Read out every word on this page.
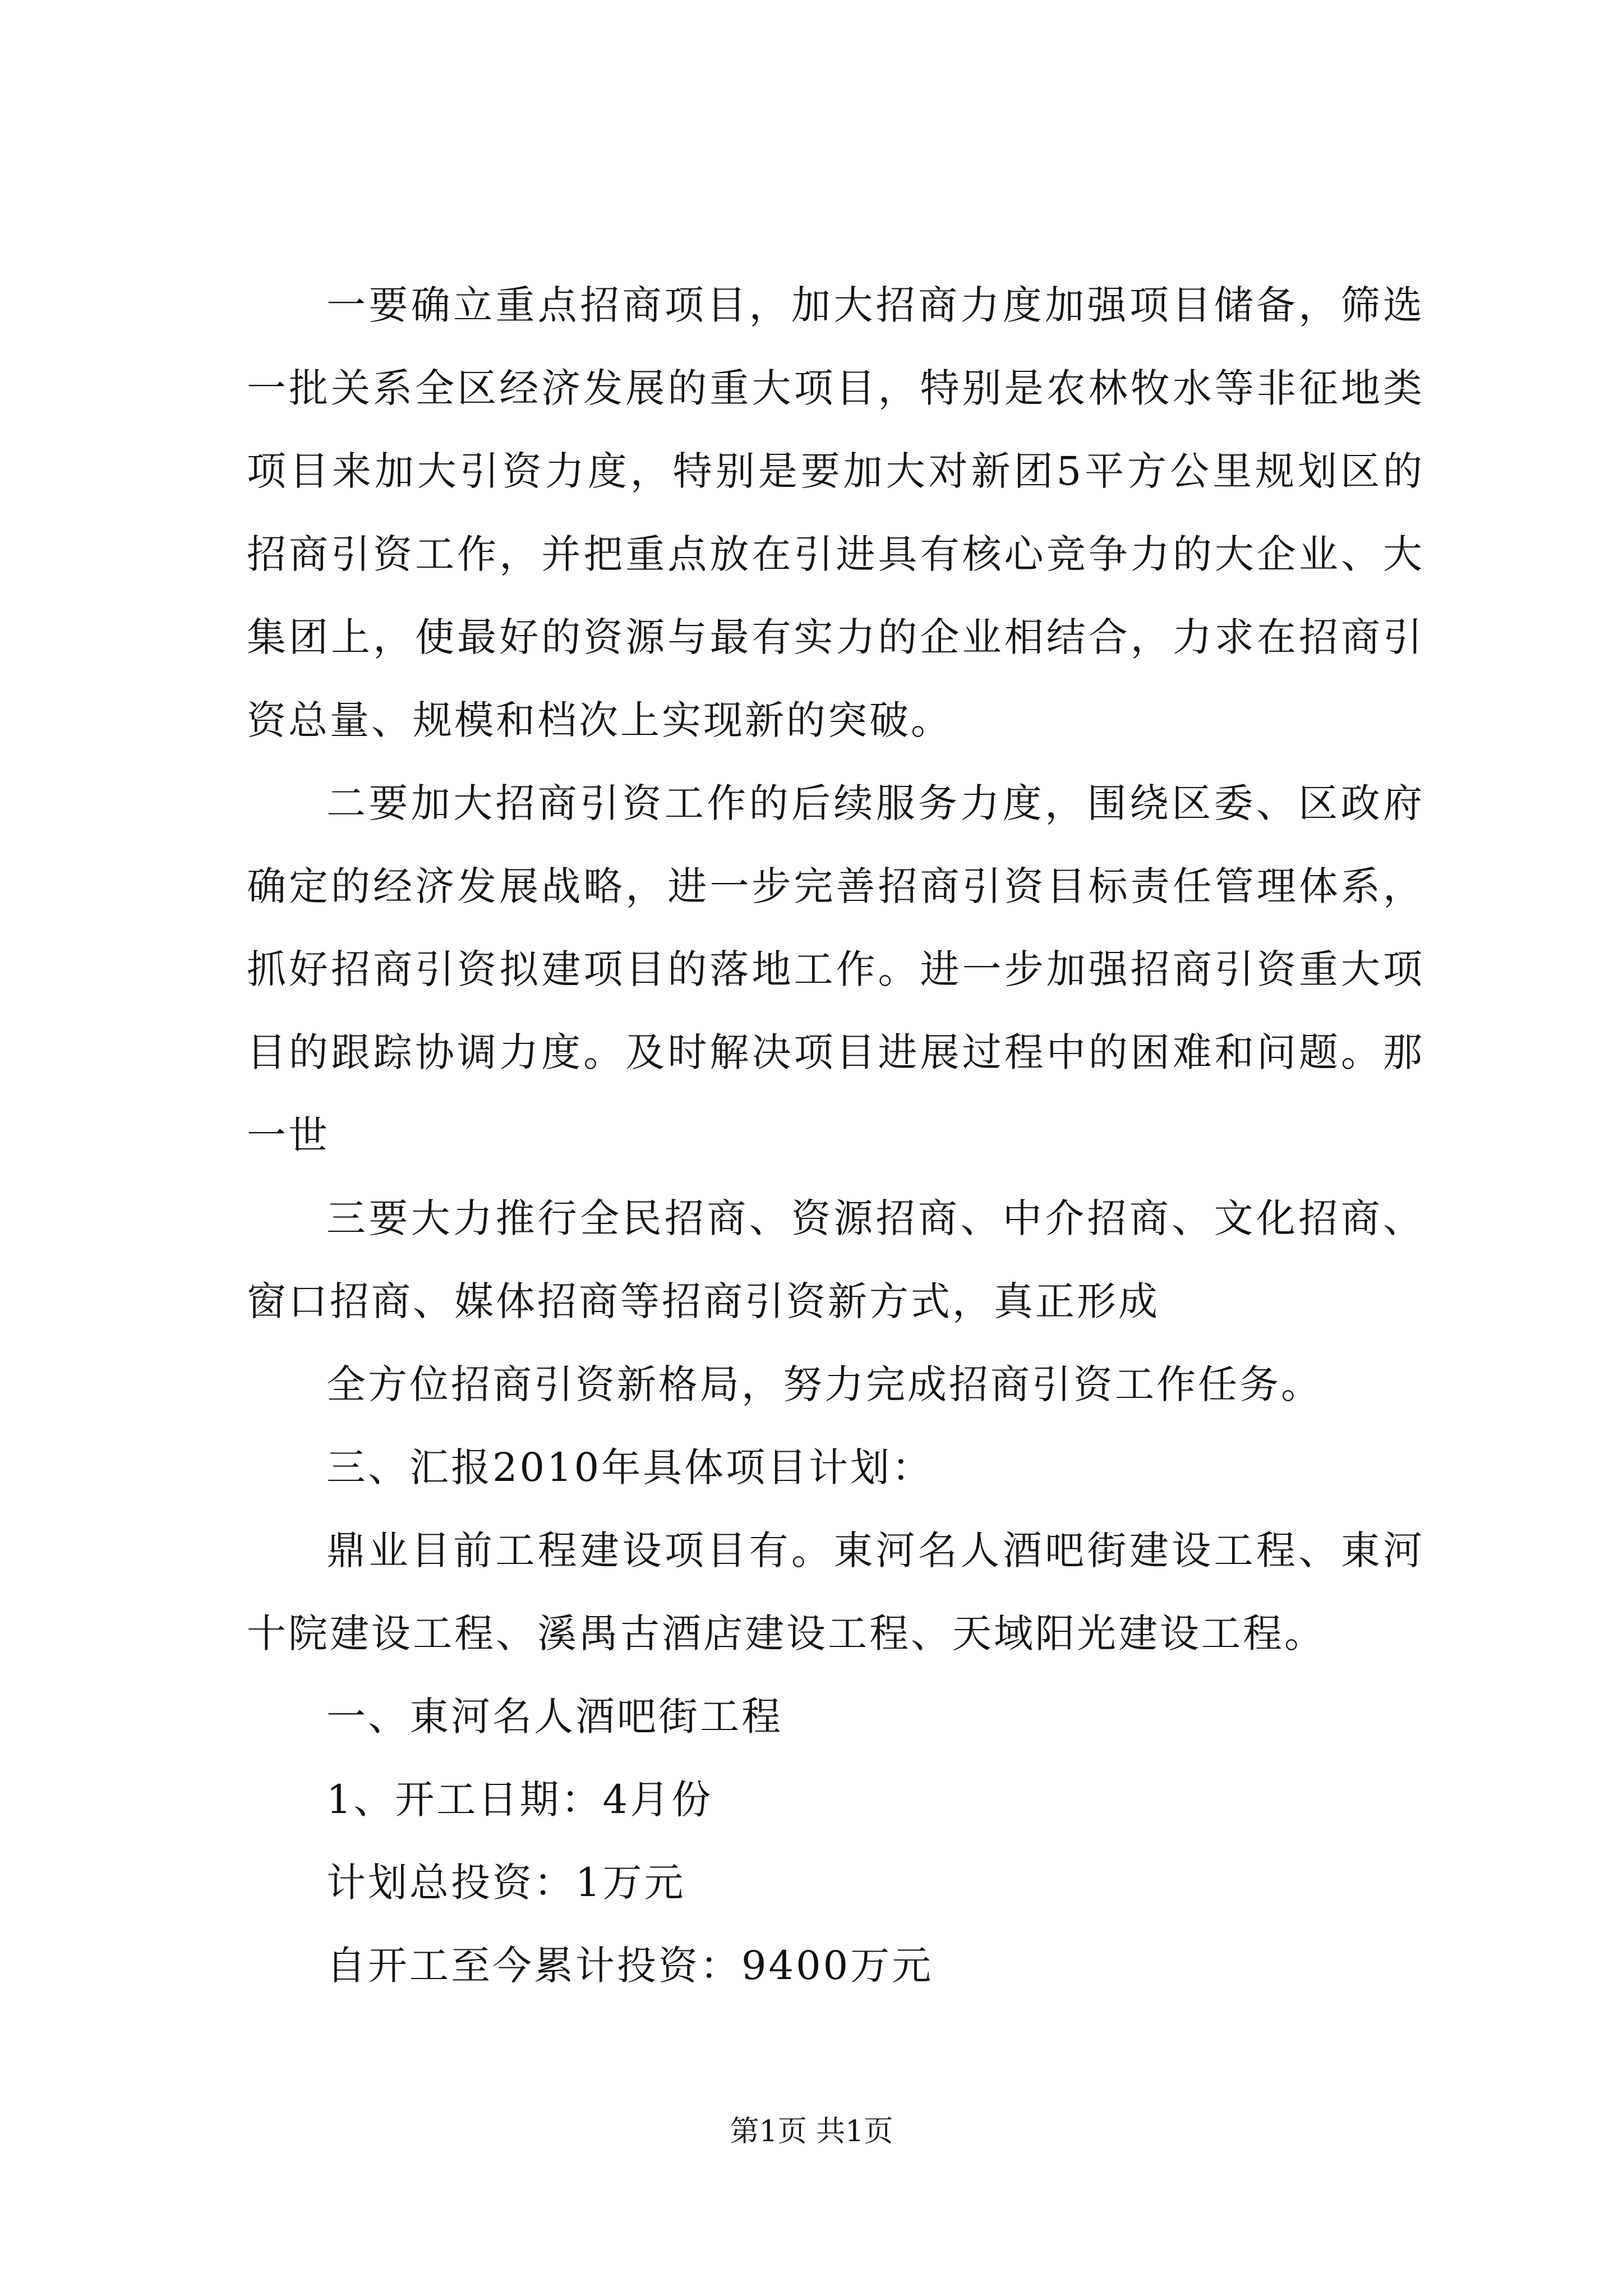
一要确立重点招商项目，加大招商力度加强项目储备，筛选一批关系全区经济发展的重大项目，特别是农林牧水等非征地类项目来加大引资力度，特别是要加大对新团5平方公里规划区的招商引资工作，并把重点放在引进具有核心竞争力的大企业、大集团上，使最好的资源与最有实力的企业相结合，力求在招商引资总量、规模和档次上实现新的突破。

二要加大招商引资工作的后续服务力度，围绕区委、区政府确定的经济发展战略，进一步完善招商引资目标责任管理体系，抓好招商引资拟建项目的落地工作。进一步加强招商引资重大项目的跟踪协调力度。及时解决项目进展过程中的困难和问题。那一世

三要大力推行全民招商、资源招商、中介招商、文化招商、窗口招商、媒体招商等招商引资新方式，真正形成

全方位招商引资新格局，努力完成招商引资工作任务。

三、汇报2010年具体项目计划：

鼎业目前工程建设项目有。東河名人酒吧街建设工程、東河十院建设工程、溪禺古酒店建设工程、天域阳光建设工程。

一、東河名人酒吧街工程

1、开工日期：4月份

计划总投资：1万元

自开工至今累计投资：9400万元

第1页 共1页
